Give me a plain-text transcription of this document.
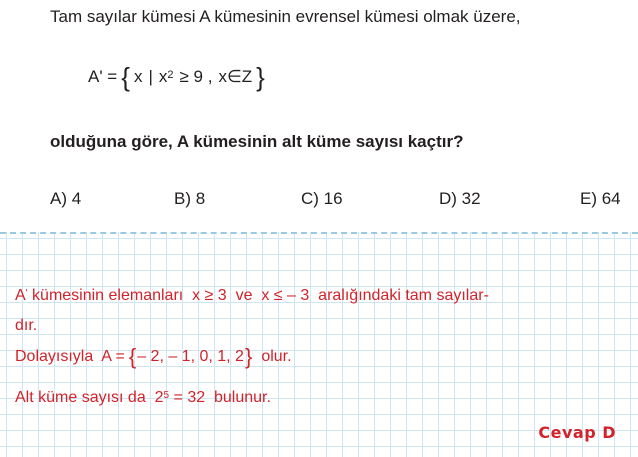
Tam sayılar kümesi A kümesinin evrensel kümesi olmak üzere,
A' = { x | $x^2 \ge 9$ , x∈Z }
olduğuna göre, A kümesinin alt küme sayısı kaçtır?
A) 4	B) 8	C) 16	D) 32	E) 64
A' kümesinin elemanları  x ≥ 3  ve  x ≤ – 3  aralığındaki tam sayılar-
dır.
Dolayısıyla  A = { – 2, – 1, 0, 1, 2 } olur.
Alt küme sayısı da  $2^5 = 32$  bulunur.
Cevap D
